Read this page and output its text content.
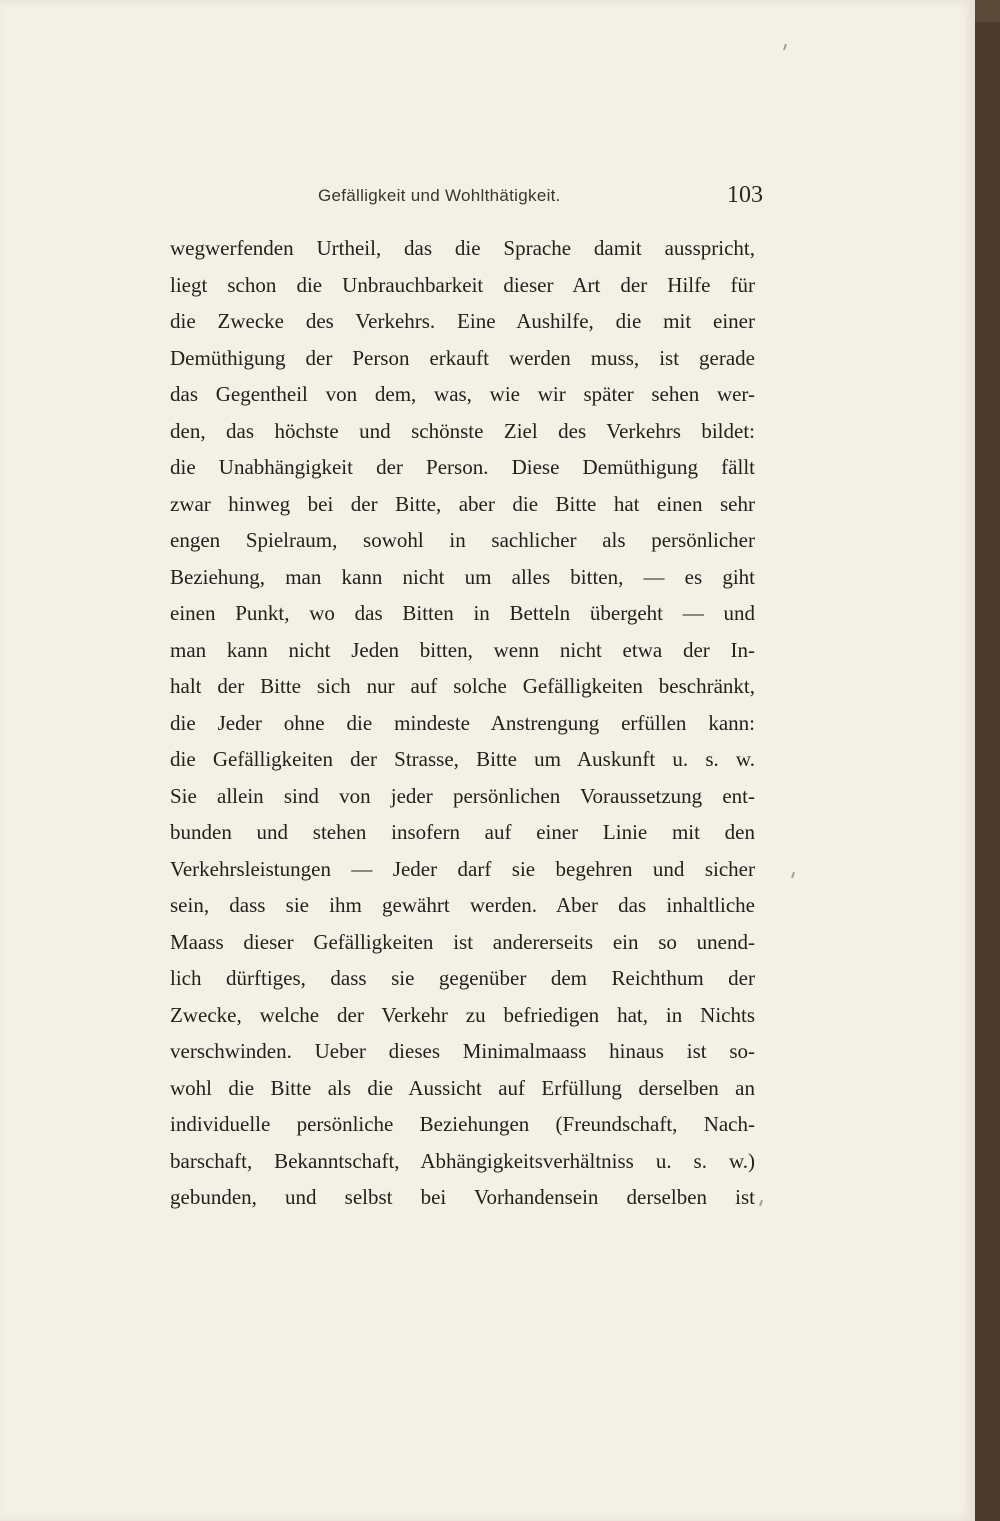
Gefälligkeit und Wohlthätigkeit.	103
wegwerfenden Urtheil, das die Sprache damit ausspricht,
liegt schon die Unbrauchbarkeit dieser Art der Hilfe für
die Zwecke des Verkehrs. Eine Aushilfe, die mit einer
Demüthigung der Person erkauft werden muss, ist gerade
das Gegentheil von dem, was, wie wir später sehen wer-
den, das höchste und schönste Ziel des Verkehrs bildet:
die Unabhängigkeit der Person. Diese Demüthigung fällt
zwar hinweg bei der Bitte, aber die Bitte hat einen sehr
engen Spielraum, sowohl in sachlicher als persönlicher
Beziehung, man kann nicht um alles bitten, — es giht
einen Punkt, wo das Bitten in Betteln übergeht — und
man kann nicht Jeden bitten, wenn nicht etwa der In-
halt der Bitte sich nur auf solche Gefälligkeiten beschränkt,
die Jeder ohne die mindeste Anstrengung erfüllen kann:
die Gefälligkeiten der Strasse, Bitte um Auskunft u. s. w.
Sie allein sind von jeder persönlichen Voraussetzung ent-
bunden und stehen insofern auf einer Linie mit den
Verkehrsleistungen — Jeder darf sie begehren und sicher
sein, dass sie ihm gewährt werden. Aber das inhaltliche
Maass dieser Gefälligkeiten ist andererseits ein so unend-
lich dürftiges, dass sie gegenüber dem Reichthum der
Zwecke, welche der Verkehr zu befriedigen hat, in Nichts
verschwinden. Ueber dieses Minimalmaass hinaus ist so-
wohl die Bitte als die Aussicht auf Erfüllung derselben an
individuelle persönliche Beziehungen (Freundschaft, Nach-
barschaft, Bekanntschaft, Abhängigkeitsverhältniss u. s. w.)
gebunden, und selbst bei Vorhandensein derselben ist
